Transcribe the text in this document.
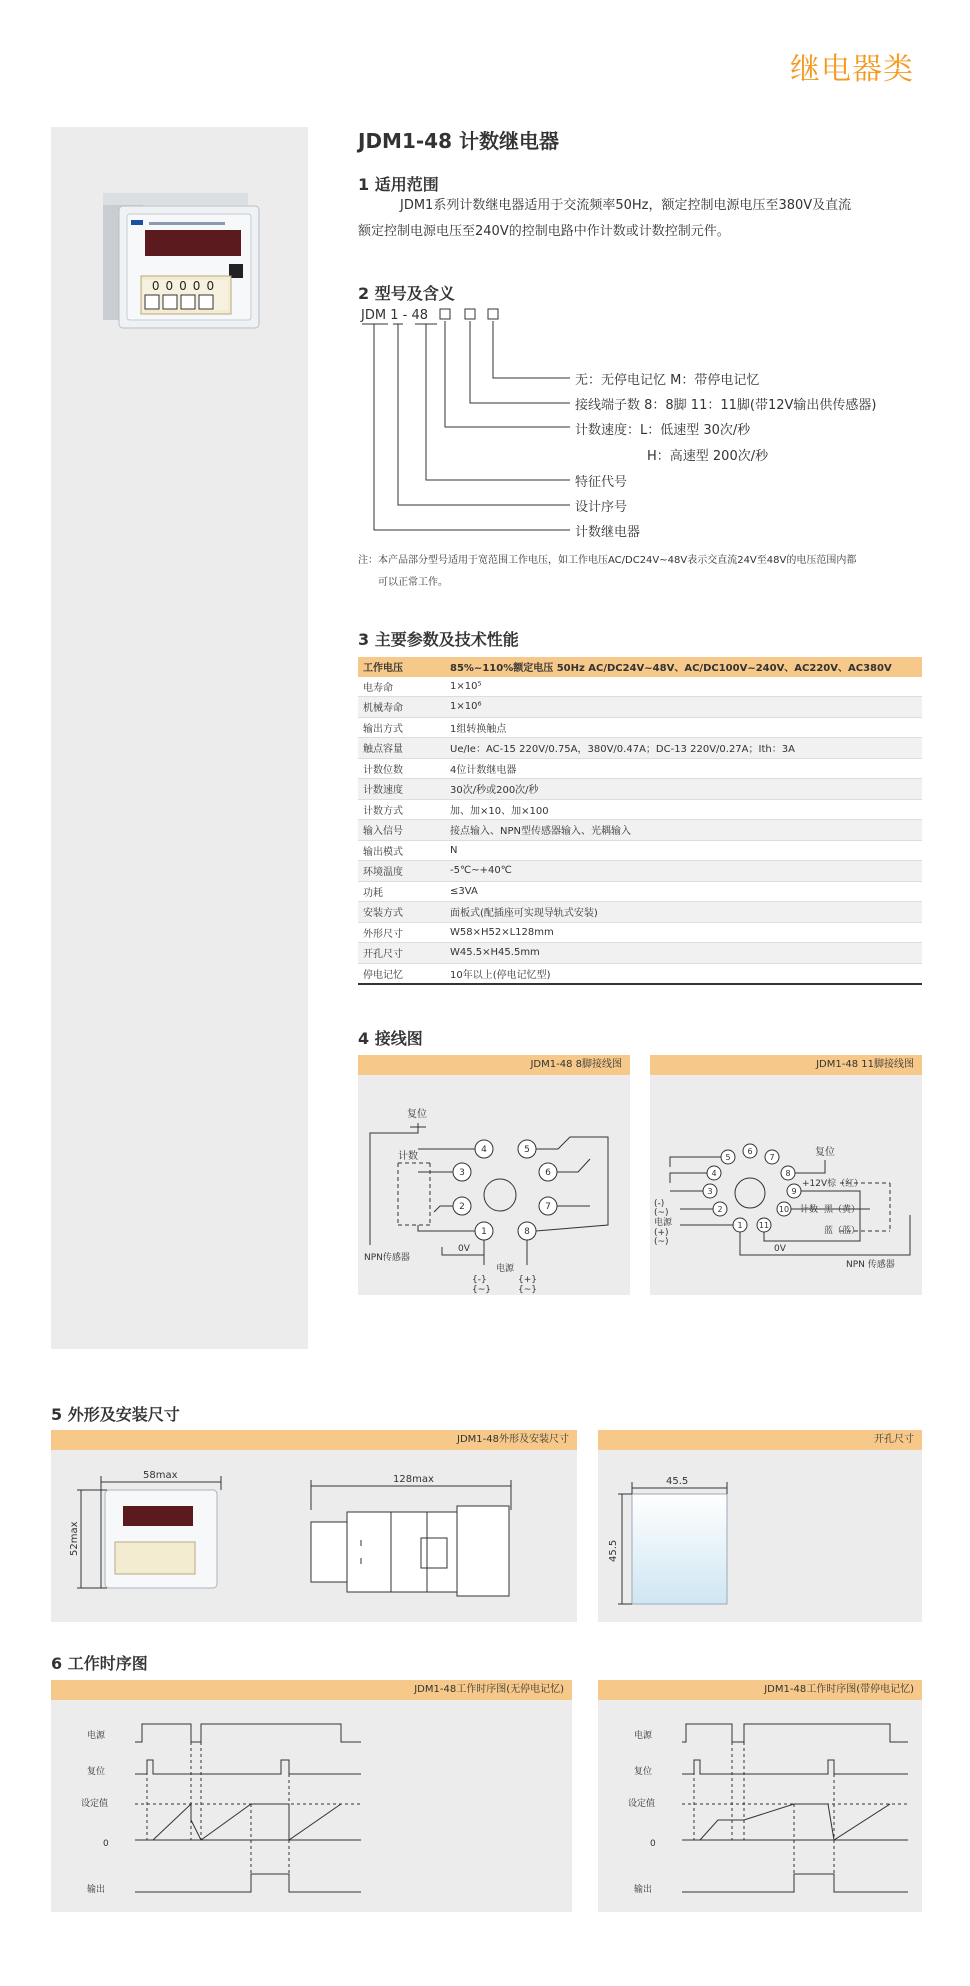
继电器类
00000
JDM1-48 计数继电器
1 适用范围
JDM1系列计数继电器适用于交流频率50Hz，额定控制电源电压至380V及直流
额定控制电源电压至240V的控制电路中作计数或计数控制元件。
2 型号及含义
JDM 1 - 48
无：无停电记忆 M：带停电记忆
接线端子数 8：8脚 11：11脚(带12V输出供传感器)
计数速度：L：低速型 30次/秒
H：高速型 200次/秒
特征代号
设计序号
计数继电器
注：本产品部分型号适用于宽范围工作电压，如工作电压AC/DC24V~48V表示交直流24V至48V的电压范围内都
可以正常工作。
3 主要参数及技术性能
工作电压	85%~110%额定电压 50Hz AC/DC24V~48V、AC/DC100V~240V、AC220V、AC380V
电寿命	1×10⁵
机械寿命	1×10⁶
输出方式	1组转换触点
触点容量	Ue/Ie：AC-15 220V/0.75A，380V/0.47A；DC-13 220V/0.27A；Ith：3A
计数位数	4位计数继电器
计数速度	30次/秒或200次/秒
计数方式	加、加×10、加×100
输入信号	接点输入、NPN型传感器输入、光耦输入
输出模式	N
环境温度	-5℃~+40℃
功耗	≤3VA
安装方式	面板式(配插座可实现导轨式安装)
外形尺寸	W58×H52×L128mm
开孔尺寸	W45.5×H45.5mm
停电记忆	10年以上(停电记忆型)
4 接线图
JDM1-48 8脚接线图
复位
计数
NPN传感器
0V
电源
{-}
{~}
{+}
{~}
2
3
4	5
6
7
1	8
JDM1-48 11脚接线图
复位
+12V棕（红）
计数 黑（黄）
蓝（蓝）
0V
NPN 传感器
(-)
(~)
电源
(+)
(~)
1
2
3
4
5
6
7
8
9
10
11
5 外形及安装尺寸
JDM1-48外形及安装尺寸
58max
52max
128max
开孔尺寸
45.5
45.5
6 工作时序图
JDM1-48工作时序图(无停电记忆)
电源
复位
设定值
0
输出
JDM1-48工作时序图(带停电记忆)
电源
复位
设定值
0
输出
